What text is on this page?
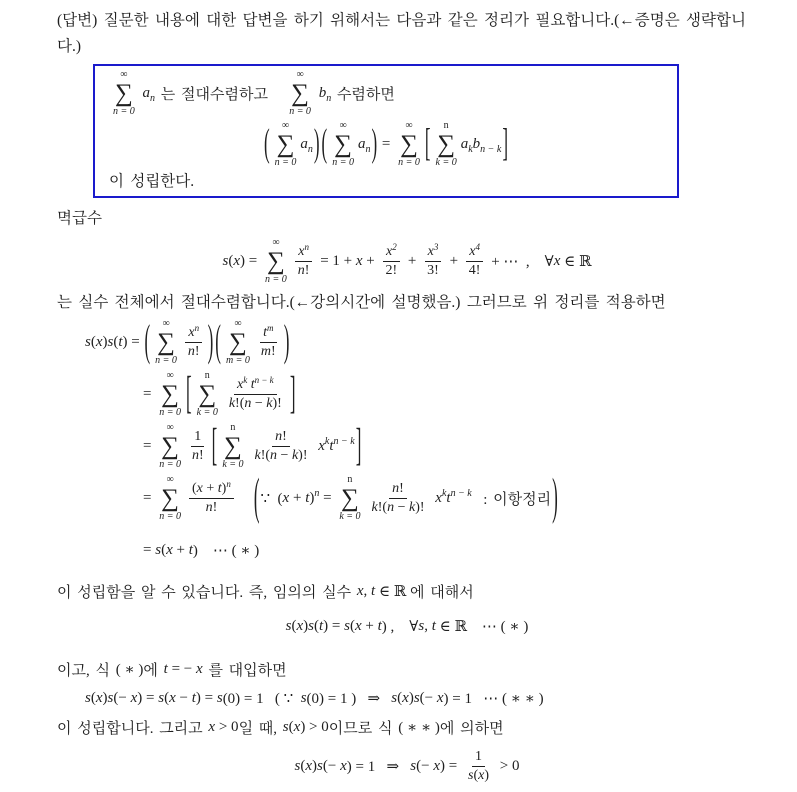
(답변) 질문한 내용에 대한 답변을 하기 위해서는 다음과 같은 정리가 필요합니다.(←증명은 생략합니다.)

∞
∑
n = 0
a n 는 절대수렴하고
∞
∑
n = 0
b n 수렴하면
( ∞
∑
n = 0
a n ) ( ∞
∑
n = 0
a n ) =
∞
∑
n = 0 [ n
∑
k = 0
a k b n − k ]

이 성립한다.

멱급수

s ( x ) =
∞
∑
$n = 0 \frac{\text{x n}}{n !} = 1 + x + \frac{x 2}{2!} + \frac{x 3}{3!} + \frac{x 4}{4!}$ + ⋯  ,    ∀ x ∈ ℝ

는 실수 전체에서 절대수렴합니다.(←강의시간에 설명했음.) 그러므로 위 정리를 적용하면

s ( x ) s ( t ) = ( ∞
∑
$n = 0 \frac{\text{x n}}{n !}$ ) ( ∞
∑
$m = 0 \frac{\text{t m}}{m !}$ )
=
∞
∑
n = 0 [ n
∑
$k = 0 \frac{\text{x k t n − k}}{k !( n - k )!}$ ]
=
∞
∑
$n = 0 \frac{1}{n !}$ [ n
∑
$k = 0 \frac{n !}{k !( n - k )!}$ x k t n − k ]
=
∞
∑
$n = 0 \frac{( x + t ) n}{n !}$
( ∵  ( x + t ) n =
n
∑
$k = 0 \frac{n !}{k !( n - k )!}$ x k t n − k : 이항정리 )
= s ( x + t )    ⋯ ( ∗ )
이 성립함을 알 수 있습니다. 즉, 임의의 실수 x , t ∈ ℝ 에 대해서
s ( x ) s ( t ) = s ( x + t ) ,    ∀ s , t ∈ ℝ    ⋯ ( ∗ )
이고, 식 ( ∗ ) 에 t = − x 를 대입하면
s ( x ) s (− x ) = s ( x − t ) = s (0) = 1   ( ∵ s (0) = 1 )   ⇒ s ( x ) s (− x ) = 1   ⋯ ( ∗ ∗ )
이 성립합니다. 그리고 x > 0 일 때, s ( x ) > 0 이므로 식 ( ∗ ∗ ) 에 의하면
s ( x ) s (− x ) = 1   ⇒ s (− x ) = $\frac{1}{s ( x )} > 0$
